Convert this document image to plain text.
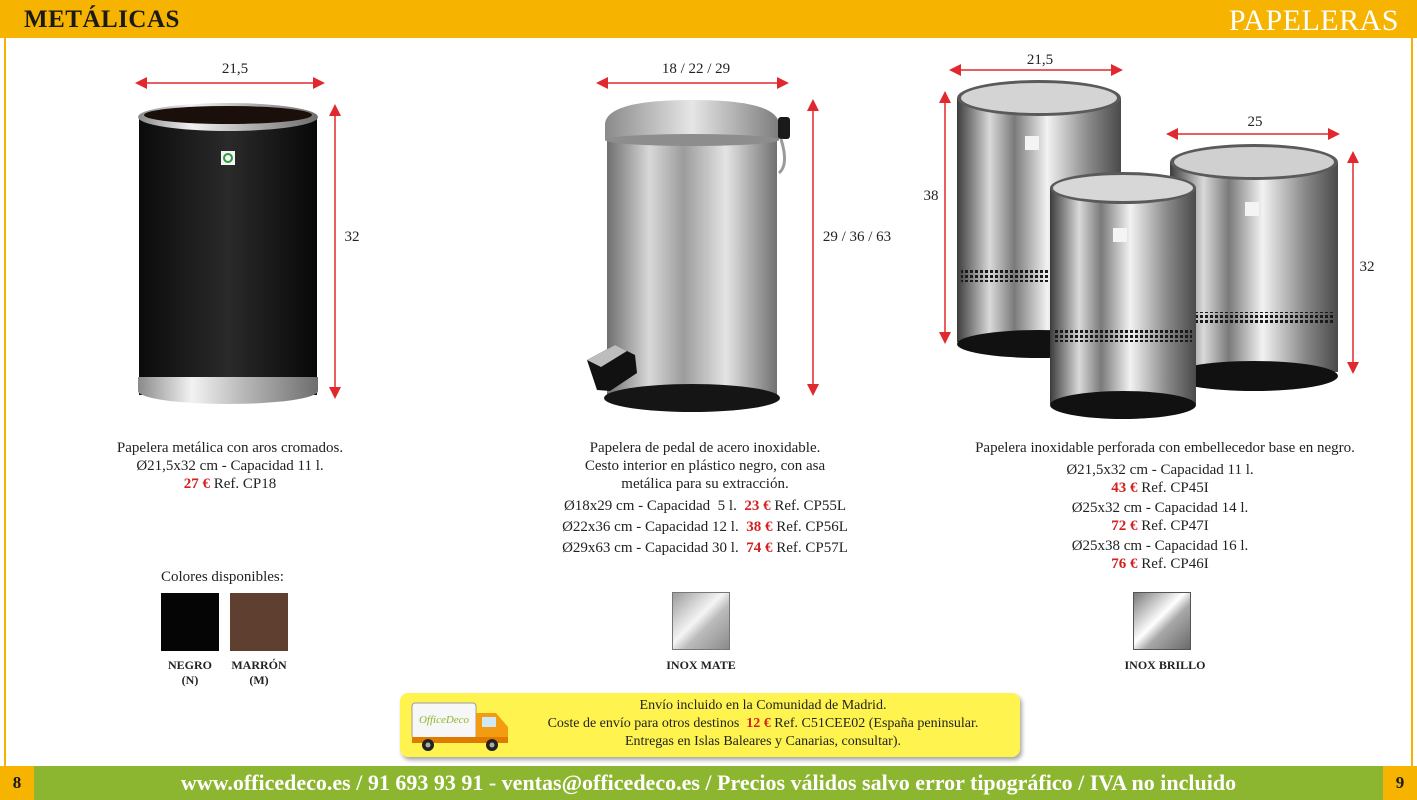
METÁLICAS	PAPELERAS
21,5
32
Papelera metálica con aros cromados.
Ø21,5x32 cm - Capacidad 11 l.
27 € Ref. CP18
Colores disponibles:
NEGRO
(N)
MARRÓN
(M)
18 / 22 / 29
29 / 36 / 63
Papelera de pedal de acero inoxidable.
Cesto interior en plástico negro, con asa
metálica para su extracción.
Ø18x29 cm - Capacidad  5 l. 23 € Ref. CP55L
Ø22x36 cm - Capacidad 12 l. 38 € Ref. CP56L
Ø29x63 cm - Capacidad 30 l. 74 € Ref. CP57L
INOX MATE
21,5
38
25
32
Papelera inoxidable perforada con embellecedor base en negro.
Ø21,5x32 cm - Capacidad 11 l.
43 € Ref. CP45I
Ø25x32 cm - Capacidad 14 l.
72 € Ref. CP47I
Ø25x38 cm - Capacidad 16 l.
76 € Ref. CP46I
INOX BRILLO
OfficeDeco
Envío incluido en la Comunidad de Madrid.
Coste de envío para otros destinos 12 € Ref. C51CEE02 (España peninsular.
Entregas en Islas Baleares y Canarias, consultar).
8	www.officedeco.es / 91 693 93 91 - ventas@officedeco.es / Precios válidos salvo error tipográfico / IVA no incluido	9
